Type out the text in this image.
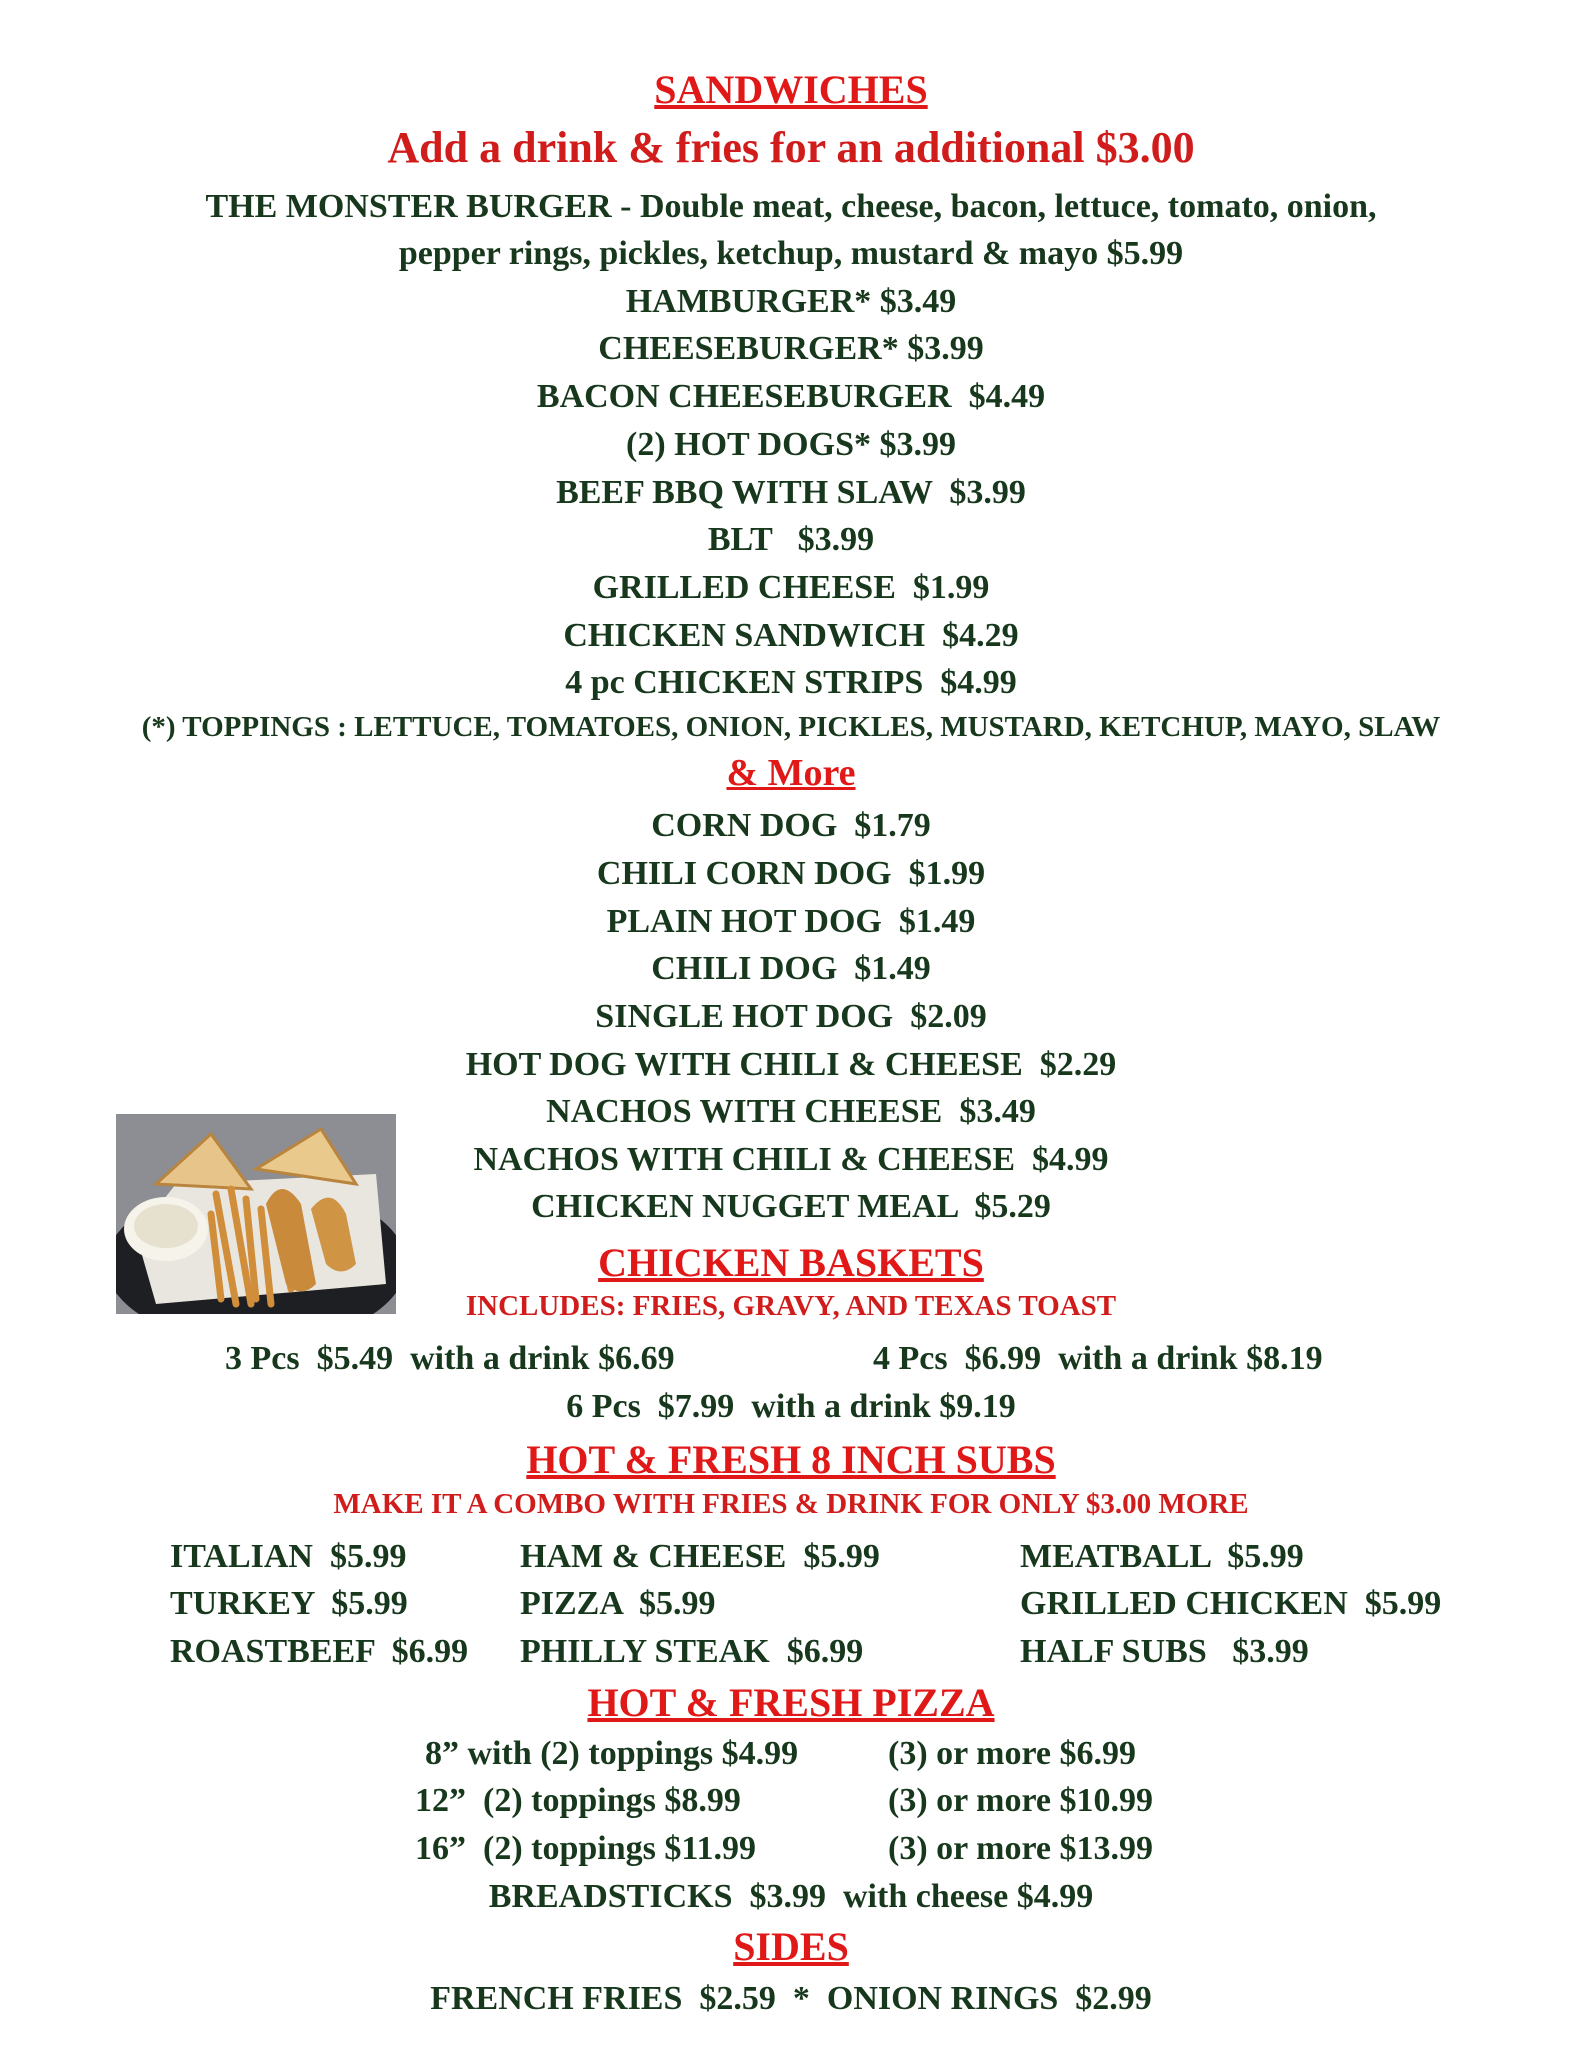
SANDWICHES
Add a drink & fries for an additional $3.00
THE MONSTER BURGER - Double meat, cheese, bacon, lettuce, tomato, onion,
pepper rings, pickles, ketchup, mustard & mayo $5.99
HAMBURGER* $3.49
CHEESEBURGER* $3.99
BACON CHEESEBURGER  $4.49
(2) HOT DOGS* $3.99
BEEF BBQ WITH SLAW  $3.99
BLT   $3.99
GRILLED CHEESE  $1.99
CHICKEN SANDWICH  $4.29
4 pc CHICKEN STRIPS  $4.99
(*) TOPPINGS : LETTUCE, TOMATOES, ONION, PICKLES, MUSTARD, KETCHUP, MAYO, SLAW
& More
CORN DOG  $1.79
CHILI CORN DOG  $1.99
PLAIN HOT DOG  $1.49
CHILI DOG  $1.49
SINGLE HOT DOG  $2.09
HOT DOG WITH CHILI & CHEESE  $2.29
NACHOS WITH CHEESE  $3.49
NACHOS WITH CHILI & CHEESE  $4.99
CHICKEN NUGGET MEAL  $5.29
CHICKEN BASKETS
INCLUDES: FRIES, GRAVY, AND TEXAS TOAST
3 Pcs  $5.49  with a drink $6.69	4 Pcs  $6.99  with a drink $8.19
6 Pcs  $7.99  with a drink $9.19
HOT & FRESH 8 INCH SUBS
MAKE IT A COMBO WITH FRIES & DRINK FOR ONLY $3.00 MORE
ITALIAN  $5.99
TURKEY  $5.99
ROASTBEEF  $6.99
HAM & CHEESE  $5.99
PIZZA  $5.99
PHILLY STEAK  $6.99
MEATBALL  $5.99
GRILLED CHICKEN  $5.99
HALF SUBS   $3.99
HOT & FRESH PIZZA
8” with (2) toppings $4.99
12”  (2) toppings $8.99
16”  (2) toppings $11.99
(3) or more $6.99
(3) or more $10.99
(3) or more $13.99
BREADSTICKS  $3.99  with cheese $4.99
SIDES
FRENCH FRIES  $2.59  *  ONION RINGS  $2.99
